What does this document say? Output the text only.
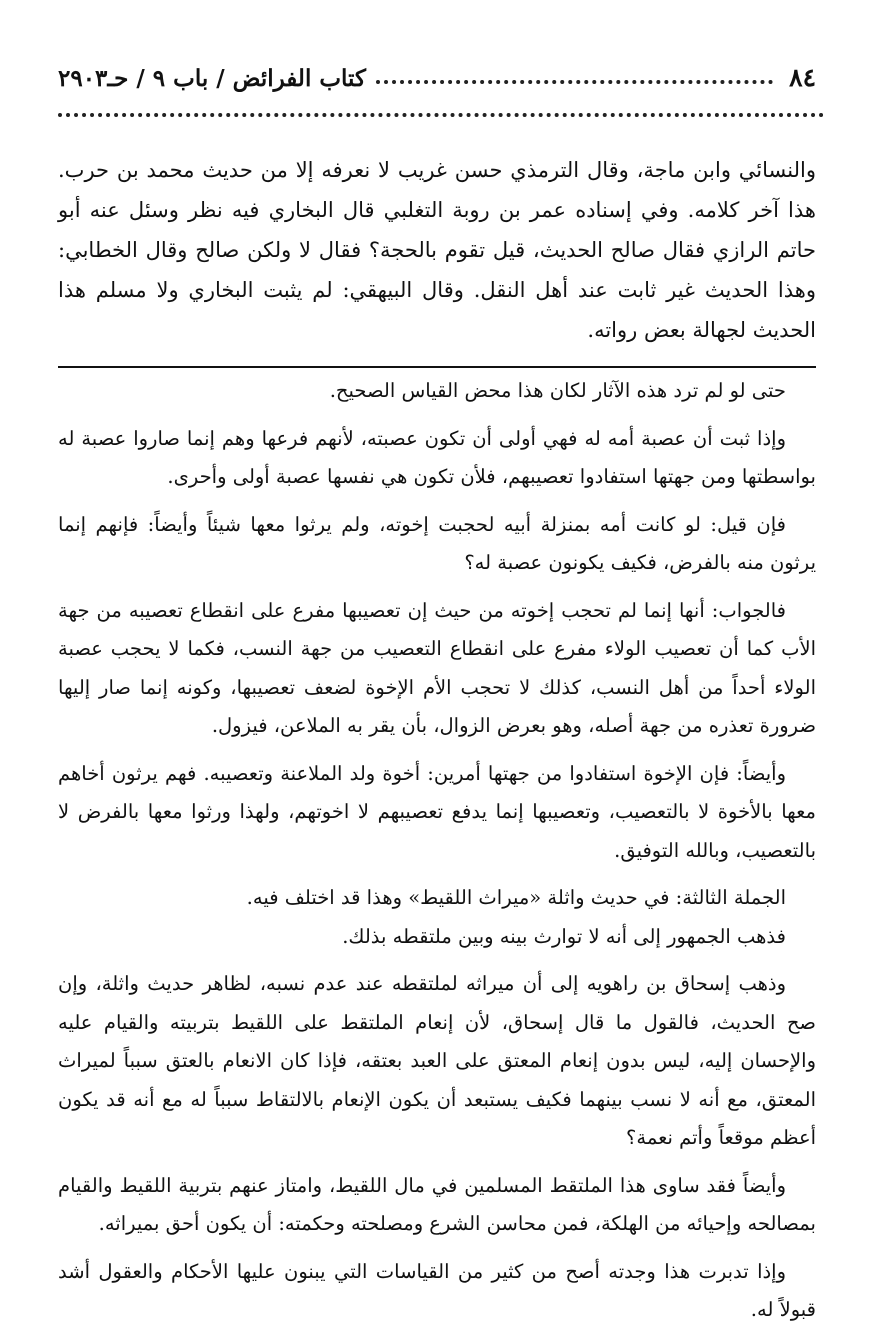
٨٤
كتاب الفرائض / باب ٩ / حـ٢٩٠٣

والنسائي وابن ماجة، وقال الترمذي حسن غريب لا نعرفه إلا من حديث محمد بن حرب. هذا آخر كلامه. وفي إسناده عمر بن روبة التغلبي قال البخاري فيه نظر وسئل عنه أبو حاتم الرازي فقال صالح الحديث، قيل تقوم بالحجة؟ فقال لا ولكن صالح وقال الخطابي: وهذا الحديث غير ثابت عند أهل النقل. وقال البيهقي: لم يثبت البخاري ولا مسلم هذا الحديث لجهالة بعض رواته.

حتى لو لم ترد هذه الآثار لكان هذا محض القياس الصحيح.

وإذا ثبت أن عصبة أمه له فهي أولى أن تكون عصبته، لأنهم فرعها وهم إنما صاروا عصبة له بواسطتها ومن جهتها استفادوا تعصيبهم، فلأن تكون هي نفسها عصبة أولى وأحرى.

فإن قيل: لو كانت أمه بمنزلة أبيه لحجبت إخوته، ولم يرثوا معها شيئاً وأيضاً: فإنهم إنما يرثون منه بالفرض، فكيف يكونون عصبة له؟

فالجواب: أنها إنما لم تحجب إخوته من حيث إن تعصيبها مفرع على انقطاع تعصيبه من جهة الأب كما أن تعصيب الولاء مفرع على انقطاع التعصيب من جهة النسب، فكما لا يحجب عصبة الولاء أحداً من أهل النسب، كذلك لا تحجب الأم الإخوة لضعف تعصيبها، وكونه إنما صار إليها ضرورة تعذره من جهة أصله، وهو بعرض الزوال، بأن يقر به الملاعن، فيزول.

وأيضاً: فإن الإخوة استفادوا من جهتها أمرين: أخوة ولد الملاعنة وتعصيبه. فهم يرثون أخاهم معها بالأخوة لا بالتعصيب، وتعصيبها إنما يدفع تعصيبهم لا اخوتهم، ولهذا ورثوا معها بالفرض لا بالتعصيب، وبالله التوفيق.

الجملة الثالثة: في حديث واثلة «ميراث اللقيط» وهذا قد اختلف فيه.

فذهب الجمهور إلى أنه لا توارث بينه وبين ملتقطه بذلك.

وذهب إسحاق بن راهويه إلى أن ميراثه لملتقطه عند عدم نسبه، لظاهر حديث واثلة، وإن صح الحديث، فالقول ما قال إسحاق، لأن إنعام الملتقط على اللقيط بتربيته والقيام عليه والإحسان إليه، ليس بدون إنعام المعتق على العبد بعتقه، فإذا كان الانعام بالعتق سبباً لميراث المعتق، مع أنه لا نسب بينهما فكيف يستبعد أن يكون الإنعام بالالتقاط سبباً له مع أنه قد يكون أعظم موقعاً وأتم نعمة؟

وأيضاً فقد ساوى هذا الملتقط المسلمين في مال اللقيط، وامتاز عنهم بتربية اللقيط والقيام بمصالحه وإحيائه من الهلكة، فمن محاسن الشرع ومصلحته وحكمته: أن يكون أحق بميراثه.

وإذا تدبرت هذا وجدته أصح من كثير من القياسات التي يبنون عليها الأحكام والعقول أشد قبولاً له.
